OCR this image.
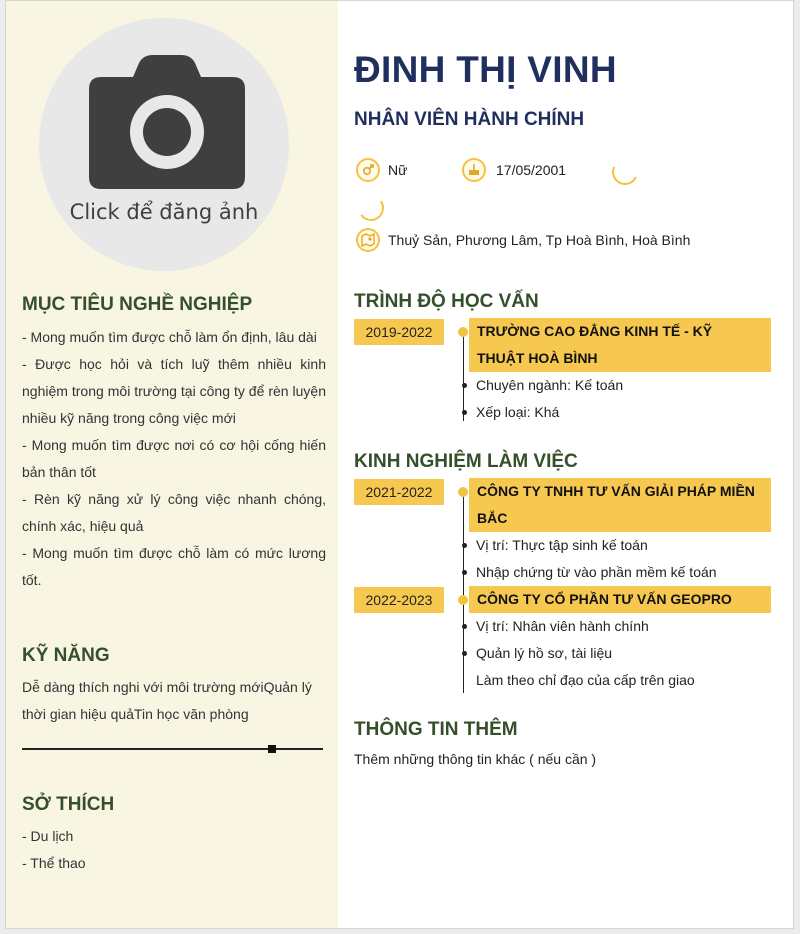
Click để đăng ảnh
MỤC TIÊU NGHỀ NGHIỆP

- Mong muốn tìm được chỗ làm ổn định, lâu dài

- Được học hỏi và tích luỹ thêm nhiều kinh nghiệm trong môi trường tại công ty để rèn luyện nhiều kỹ năng trong công việc mới

- Mong muốn tìm được nơi có cơ hội cống hiến bản thân tốt

- Rèn kỹ năng xử lý công việc nhanh chóng, chính xác, hiệu quả

- Mong muốn tìm được chỗ làm có mức lương tốt.

KỸ NĂNG
Dễ dàng thích nghi với môi trường mớiQuản lý thời gian hiệu quảTin học văn phòng
SỞ THÍCH

- Du lịch

- Thể thao

ĐINH THỊ VINH
NHÂN VIÊN HÀNH CHÍNH
Nữ	17/05/2001
Thuỷ Sản, Phương Lâm, Tp Hoà Bình, Hoà Bình
TRÌNH ĐỘ HỌC VẤN
2019-2022	TRƯỜNG CAO ĐẲNG KINH TẾ - KỸ THUẬT HOÀ BÌNH
Chuyên ngành: Kế toán
Xếp loại: Khá
KINH NGHIỆM LÀM VIỆC
2021-2022	CÔNG TY TNHH TƯ VẤN GIẢI PHÁP MIỀN BẮC
Vị trí: Thực tập sinh kế toán
Nhập chứng từ vào phần mềm kế toán
2022-2023	CÔNG TY CỔ PHẦN TƯ VẤN GEOPRO
Vị trí: Nhân viên hành chính
Quản lý hồ sơ, tài liệu
Làm theo chỉ đạo của cấp trên giao
THÔNG TIN THÊM
Thêm những thông tin khác ( nếu cần )
